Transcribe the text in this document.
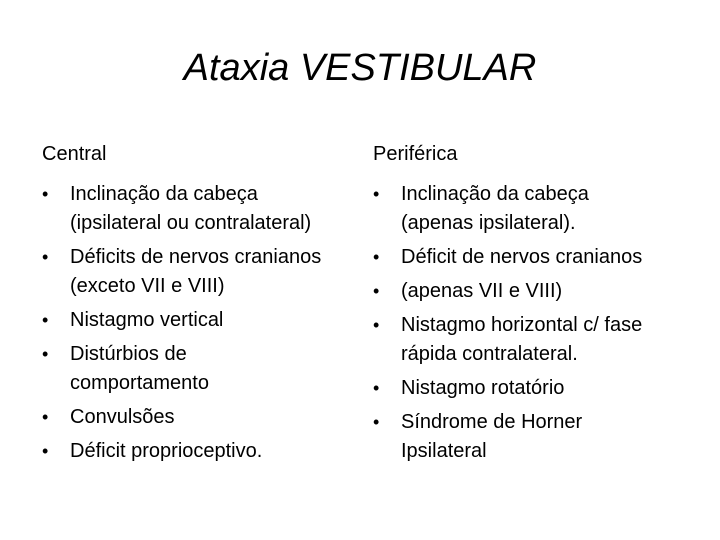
Ataxia VESTIBULAR
Central
•	Inclinação da cabeça
(ipsilateral ou contralateral)
•	Déficits de nervos cranianos
(exceto VII e VIII)
•	Nistagmo vertical
•	Distúrbios de
comportamento
•	Convulsões
•	Déficit proprioceptivo.
Periférica
•	Inclinação da cabeça
(apenas ipsilateral).
•	Déficit de nervos cranianos
•	(apenas VII e VIII)
•	Nistagmo horizontal c/ fase
rápida contralateral.
•	Nistagmo rotatório
•	Síndrome de Horner
Ipsilateral
